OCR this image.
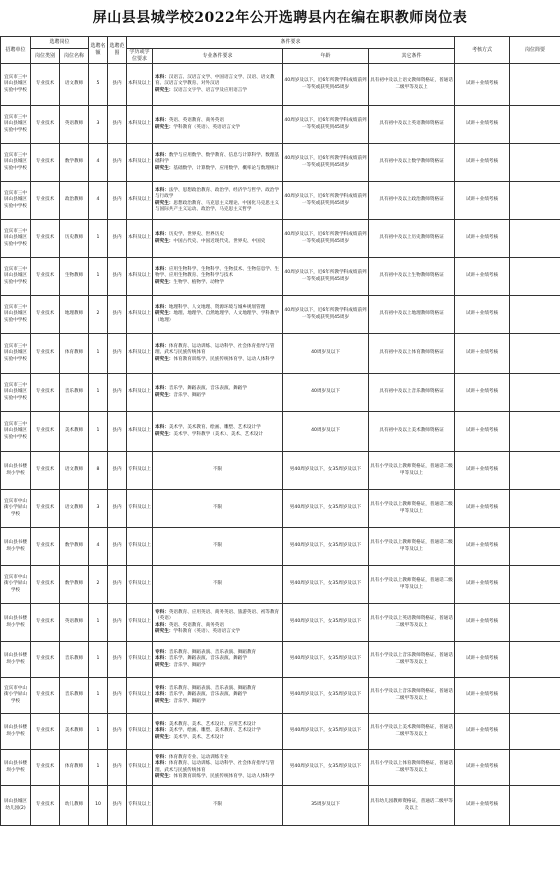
屏山县县城学校2022年公开选聘县内在编在职教师岗位表
招聘单位	选聘岗位		选聘名额	选聘范围	条件要求				考核方式	岗位简要
	岗位类别	岗位名称			学历或学位要求	专业条件要求	年龄	其它条件		
宜宾市三中屏山县城区实验中学校	专业技术	语文教师	5	县内	本科及以上	本科：汉语言、汉语言文学、中国语言文学、汉语、语文教育、汉语言文学教育、对外汉语
研究生：汉语言文字学、语言学及应用语言学	40周岁及以下，近6年所教学科成绩前列一等奖或获奖到45周岁	具有初中及以上语文教师资格证，普通话二级甲等及以上	试讲＋业绩考核	
宜宾市三中屏山县城区实验中学校	专业技术	英语教师	3	县内	本科及以上	本科：英语、英语教育、商务英语
研究生：学科教育（英语）、英语语言文学	40周岁及以下，近6年所教学科成绩前列一等奖或获奖到45周岁	具有初中及以上英语教师资格证	试讲＋业绩考核	
宜宾市三中屏山县城区实验中学校	专业技术	数学教师	4	县内	本科及以上	本科：数学与应用数学、数学教育、信息与计算科学、数理基础科学
研究生：基础数学、计算数学、应用数学、概率论与数理统计	40周岁及以下，近6年所教学科成绩前列一等奖或获奖到45周岁	具有初中及以上数学教师资格证	试讲＋业绩考核	
宜宾市三中屏山县城区实验中学校	专业技术	政治教师	4	县内	本科及以上	本科：法学、思想政治教育、政治学、经济学与哲学、政治学与行政学
研究生：思想政治教育、马克思主义理论、中国化马克思主义与国际共产主义运动、政治学、马克思主义哲学	40周岁及以下，近6年所教学科成绩前列一等奖或获奖到45周岁	具有初中及以上政治教师资格证	试讲＋业绩考核	
宜宾市三中屏山县城区实验中学校	专业技术	历史教师	1	县内	本科及以上	本科：历史学、世界史、世界历史
研究生：中国古代史、中国近现代史、世界史、中国史	40周岁及以下，近6年所教学科成绩前列一等奖或获奖到45周岁	具有初中及以上历史教师资格证	试讲＋业绩考核	
宜宾市三中屏山县城区实验中学校	专业技术	生物教师	1	县内	本科及以上	本科：应用生物科学、生物科学、生物技术、生物信息学、生物学、应用生物教育、生物科学与技术
研究生：生物学、植物学、动物学	40周岁及以下，近6年所教学科成绩前列一等奖或获奖到45周岁	具有初中及以上生物教师资格证	试讲＋业绩考核	
宜宾市三中屏山县城区实验中学校	专业技术	地理教师	2	县内	本科及以上	本科：地理科学、人文地理、资源环境与城乡规划管理
研究生：地理、地理学、自然地理学、人文地理学、学科教学（地理）	40周岁及以下，近6年所教学科成绩前列一等奖或获奖到45周岁	具有初中及以上地理教师资格证	试讲＋业绩考核	
宜宾市三中屏山县城区实验中学校	专业技术	体育教师	1	县内	本科及以上	本科：体育教育、运动训练、运动科学、社会体育指导与管理、武术与民族传统体育
研究生：体育教育训练学、民族传统体育学、运动人体科学	40周岁及以下	具有初中及以上体育教师资格证	试讲＋业绩考核	
宜宾市三中屏山县城区实验中学校	专业技术	音乐教师	1	县内	本科及以上	本科：音乐学、舞蹈表演、音乐表演、舞蹈学
研究生：音乐学、舞蹈学	40周岁及以下	具有初中及以上音乐教师资格证	试讲＋业绩考核	
宜宾市三中屏山县城区实验中学校	专业技术	美术教师	1	县内	本科及以上	本科：美术学、美术教育、绘画、雕塑、艺术设计学
研究生：美术学、学科教学（美术）、美术、艺术设计	40周岁及以下	具有初中及以上美术教师资格证	试讲＋业绩考核	
屏山县书楼坝小学校	专业技术	语文教师	8	县内	专科及以上	不限	男40周岁及以下，女35周岁及以下	具有小学及以上教师资格证，普通话二级甲等及以上	试讲＋业绩考核	
宜宾市中山街小学屏山学校	专业技术	语文教师	3	县内	专科及以上	不限	男40周岁及以下，女35周岁及以下	具有小学及以上教师资格证，普通话二级甲等及以上	试讲＋业绩考核	
屏山县书楼坝小学校	专业技术	数学教师	4	县内	专科及以上	不限	男40周岁及以下，女35周岁及以下	具有小学及以上教师资格证，普通话二级甲等及以上	试讲＋业绩考核	
宜宾市中山街小学屏山学校	专业技术	数学教师	2	县内	专科及以上	不限	男40周岁及以下，女35周岁及以下	具有小学及以上教师资格证，普通话二级甲等及以上	试讲＋业绩考核	
屏山县书楼坝小学校	专业技术	英语教师	1	县内	专科及以上	专科：英语教育、应用英语、商务英语、旅游英语、初等教育（英语）
本科：英语、英语教育、商务英语
研究生：学科教育（英语）、英语语言文学	男40周岁及以下，女35周岁及以下	具有小学及以上英语教师资格证，普通话二级甲等及以上	试讲＋业绩考核	
屏山县书楼坝小学校	专业技术	音乐教师	1	县内	专科及以上	专科：音乐教育、舞蹈表演、音乐表演、舞蹈教育
本科：音乐学、舞蹈表演、音乐表演、舞蹈学
研究生：音乐学、舞蹈学	男40周岁及以下，女35周岁及以下	具有小学及以上音乐教师资格证，普通话二级甲等及以上	试讲＋业绩考核	
宜宾市中山街小学屏山学校	专业技术	音乐教师	1	县内	专科及以上	专科：音乐教育、舞蹈表演、音乐表演、舞蹈教育
本科：音乐学、舞蹈表演、音乐表演、舞蹈学
研究生：音乐学、舞蹈学	男40周岁及以下，女35周岁及以下	具有小学及以上音乐教师资格证，普通话二级甲等及以上	试讲＋业绩考核	
屏山县书楼坝小学校	专业技术	美术教师	1	县内	专科及以上	专科：美术教育、美术、艺术设计、应用艺术设计
本科：美术学、绘画、雕塑、美术教育、艺术设计学
研究生：美术学、美术、艺术设计	男40周岁及以下，女35周岁及以下	具有小学及以上美术教师资格证，普通话二级甲等及以上	试讲＋业绩考核	
屏山县书楼坝小学校	专业技术	体育教师	1	县内	专科及以上	专科：体育教育专业、运动训练专业
本科：体育教育、运动训练、运动科学、社会体育指导与管理、武术与民族传统体育
研究生：体育教育训练学、民族传统体育学、运动人体科学	男40周岁及以下，女35周岁及以下	具有小学及以上体育教师资格证，普通话二级甲等及以上	试讲＋业绩考核	
屏山县城区幼儿园(2)	专业技术	幼儿教师	10	县内	专科及以上	不限	35周岁及以下	具有幼儿园教师资格证，普通话二级甲等及以上	试讲＋业绩考核	
